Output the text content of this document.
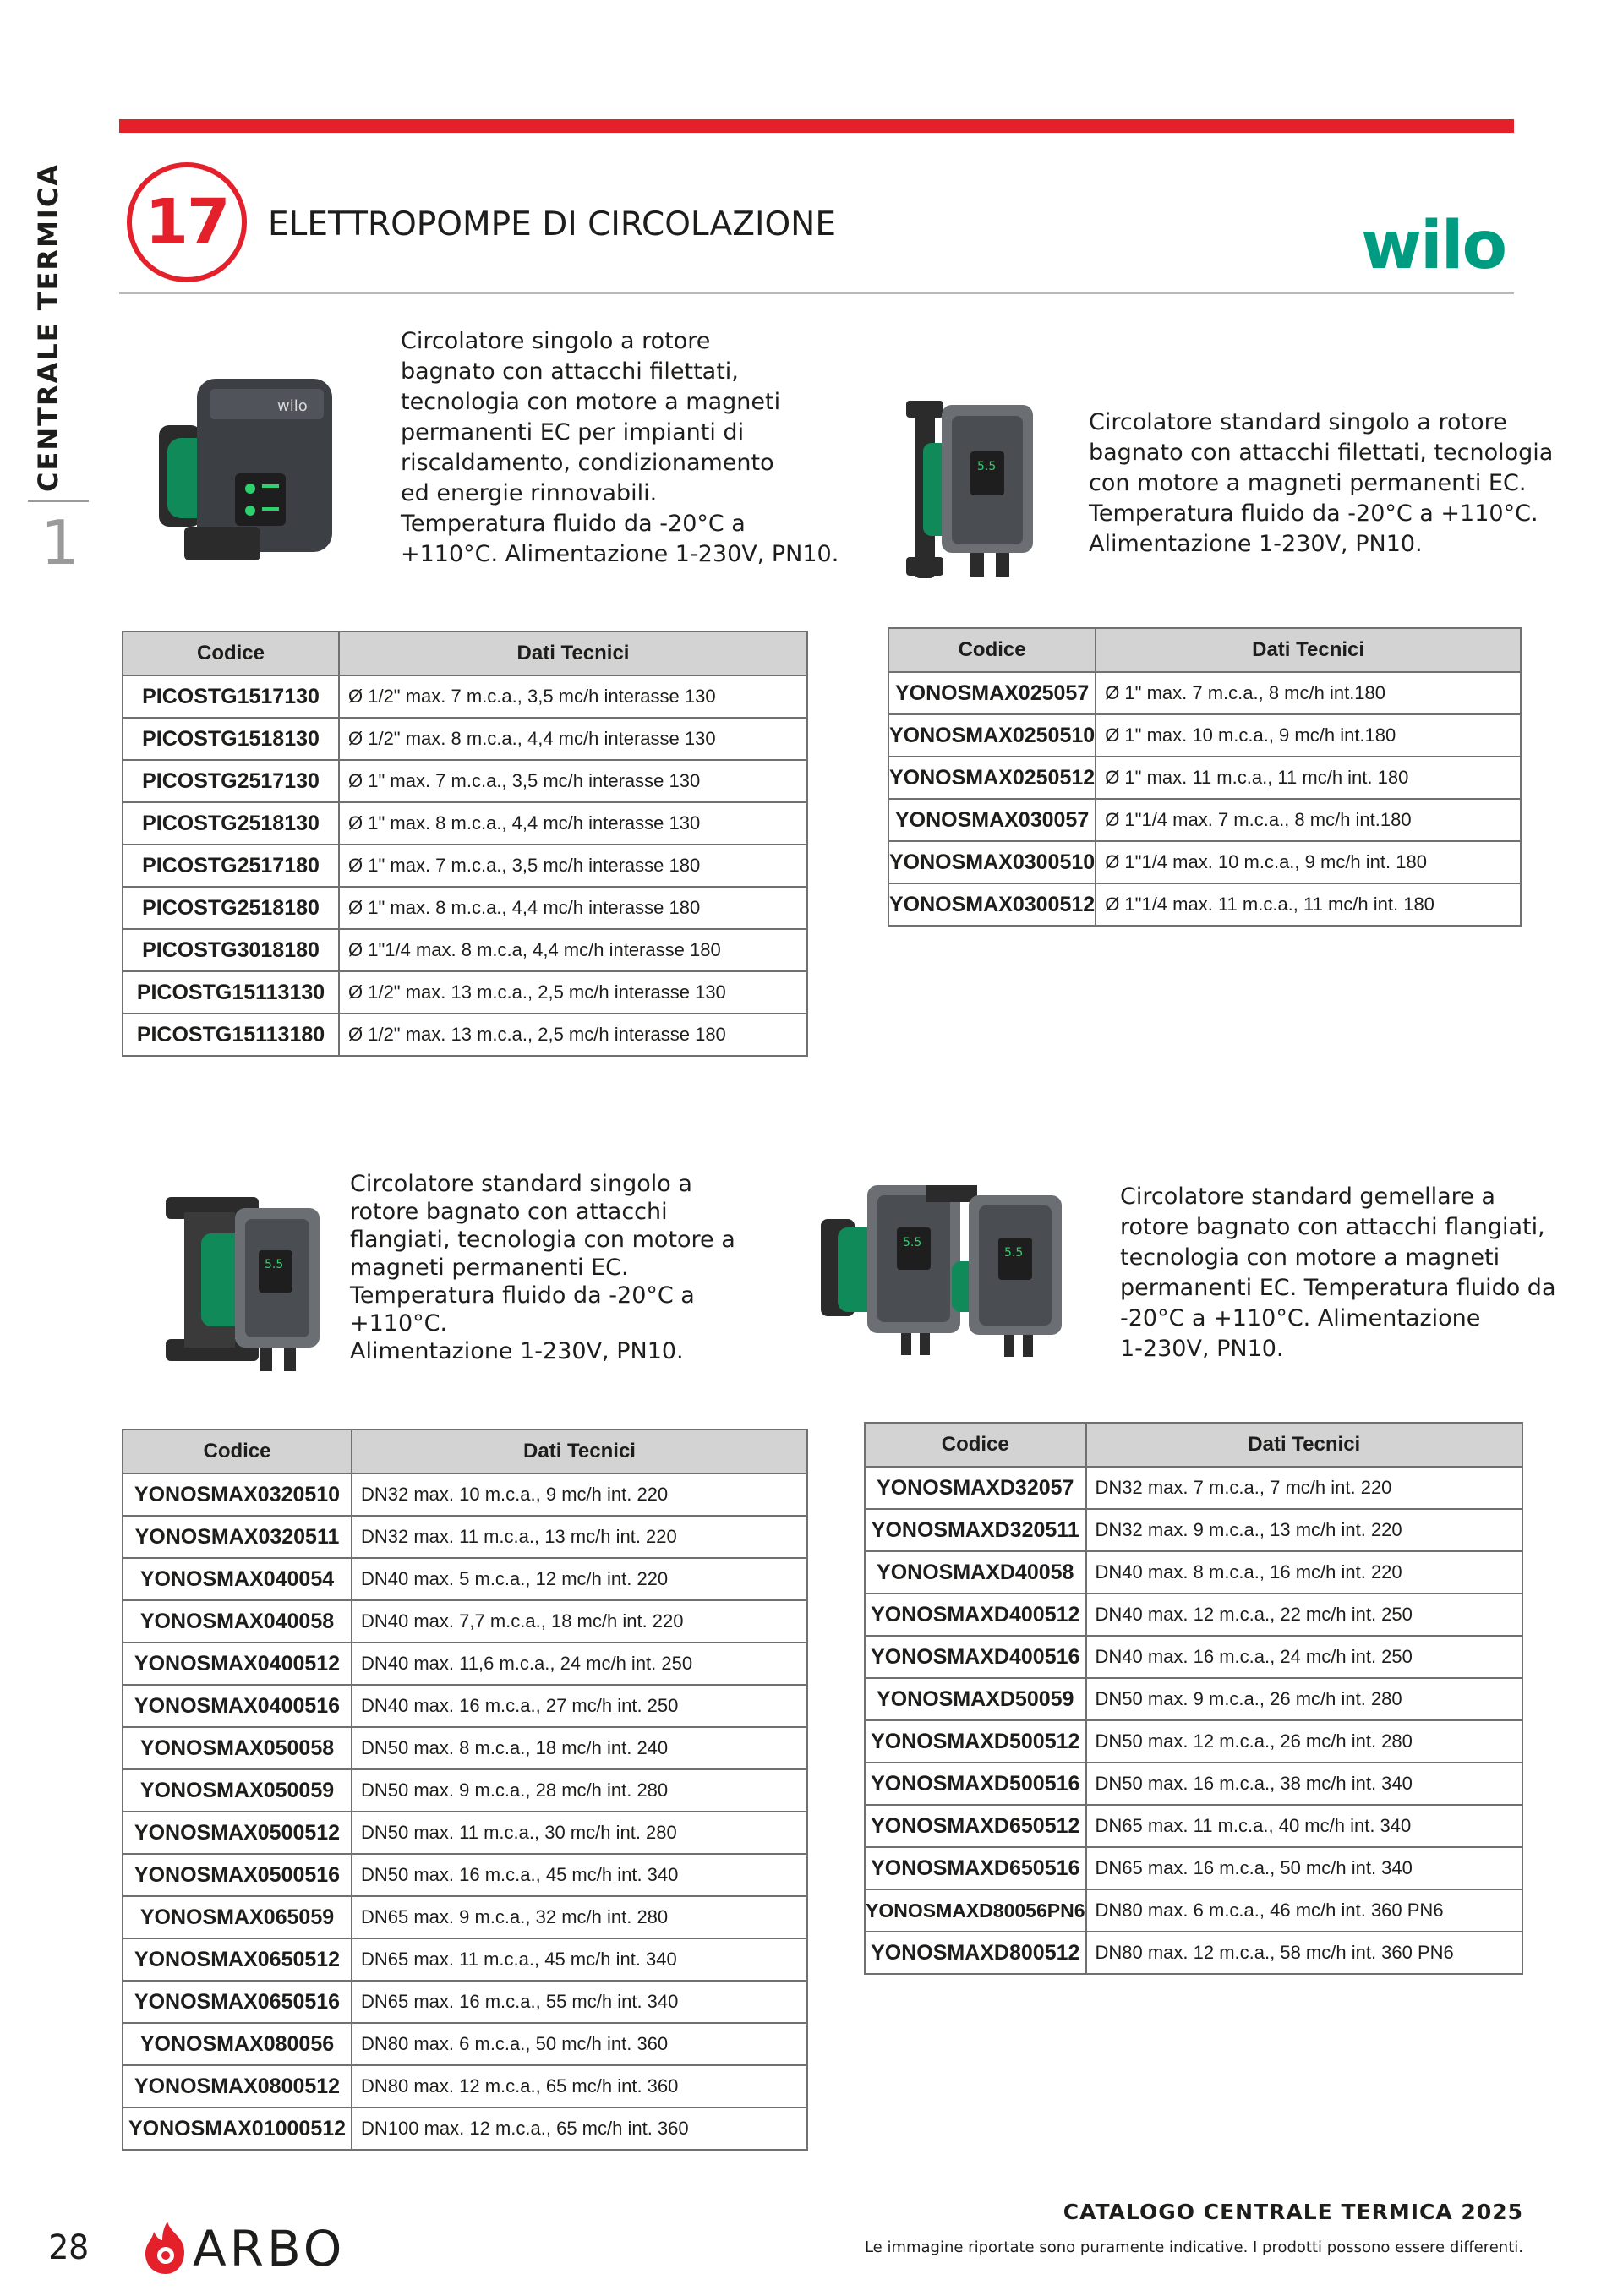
CENTRALE TERMICA
1
17	ELETTROPOMPE DI CIRCOLAZIONE	wilo
wilo
Circolatore singolo a rotore
bagnato con attacchi filettati,
tecnologia con motore a magneti
permanenti EC per impianti di
riscaldamento, condizionamento
ed energie rinnovabili.
Temperatura fluido da -20°C a
+110°C. Alimentazione 1-230V, PN10.
Codice	Dati Tecnici
PICOSTG1517130	Ø 1/2" max. 7 m.c.a., 3,5 mc/h interasse 130
PICOSTG1518130	Ø 1/2" max. 8 m.c.a., 4,4 mc/h interasse 130
PICOSTG2517130	Ø 1" max. 7 m.c.a., 3,5 mc/h interasse 130
PICOSTG2518130	Ø 1" max. 8 m.c.a., 4,4 mc/h interasse 130
PICOSTG2517180	Ø 1" max. 7 m.c.a., 3,5 mc/h interasse 180
PICOSTG2518180	Ø 1" max. 8 m.c.a., 4,4 mc/h interasse 180
PICOSTG3018180	Ø 1"1/4 max. 8 m.c.a, 4,4 mc/h interasse 180
PICOSTG15113130	Ø 1/2" max. 13 m.c.a., 2,5 mc/h interasse 130
PICOSTG15113180	Ø 1/2" max. 13 m.c.a., 2,5 mc/h interasse 180
5.5
Circolatore standard singolo a rotore
bagnato con attacchi filettati, tecnologia
con motore a magneti permanenti EC.
Temperatura fluido da -20°C a +110°C.
Alimentazione 1-230V, PN10.
Codice	Dati Tecnici
YONOSMAX025057	Ø 1" max. 7 m.c.a., 8 mc/h int.180
YONOSMAX0250510	Ø 1" max. 10 m.c.a., 9 mc/h int.180
YONOSMAX0250512	Ø 1" max. 11 m.c.a., 11 mc/h int. 180
YONOSMAX030057	Ø 1"1/4 max. 7 m.c.a., 8 mc/h int.180
YONOSMAX0300510	Ø 1"1/4 max. 10 m.c.a., 9 mc/h int. 180
YONOSMAX0300512	Ø 1"1/4 max. 11 m.c.a., 11 mc/h int. 180
5.5
Circolatore standard singolo a
rotore bagnato con attacchi
flangiati, tecnologia con motore a
magneti permanenti EC.
Temperatura fluido da -20°C a
+110°C.
Alimentazione 1-230V, PN10.
Codice	Dati Tecnici
YONOSMAX0320510	DN32 max. 10 m.c.a., 9 mc/h int. 220
YONOSMAX0320511	DN32 max. 11 m.c.a., 13 mc/h int. 220
YONOSMAX040054	DN40 max. 5 m.c.a., 12 mc/h int. 220
YONOSMAX040058	DN40 max. 7,7 m.c.a., 18 mc/h int. 220
YONOSMAX0400512	DN40 max. 11,6 m.c.a., 24 mc/h int. 250
YONOSMAX0400516	DN40 max. 16 m.c.a., 27 mc/h int. 250
YONOSMAX050058	DN50 max. 8 m.c.a., 18 mc/h int. 240
YONOSMAX050059	DN50 max. 9 m.c.a., 28 mc/h int. 280
YONOSMAX0500512	DN50 max. 11 m.c.a., 30 mc/h int. 280
YONOSMAX0500516	DN50 max. 16 m.c.a., 45 mc/h int. 340
YONOSMAX065059	DN65 max. 9 m.c.a., 32 mc/h int. 280
YONOSMAX0650512	DN65 max. 11 m.c.a., 45 mc/h int. 340
YONOSMAX0650516	DN65 max. 16 m.c.a., 55 mc/h int. 340
YONOSMAX080056	DN80 max. 6 m.c.a., 50 mc/h int. 360
YONOSMAX0800512	DN80 max. 12 m.c.a., 65 mc/h int. 360
YONOSMAX01000512	DN100 max. 12 m.c.a., 65 mc/h int. 360
5.5
5.5
Circolatore standard gemellare a
rotore bagnato con attacchi flangiati,
tecnologia con motore a magneti
permanenti EC. Temperatura fluido da
-20°C a +110°C. Alimentazione
1-230V, PN10.
Codice	Dati Tecnici
YONOSMAXD32057	DN32 max. 7 m.c.a., 7 mc/h int. 220
YONOSMAXD320511	DN32 max. 9 m.c.a., 13 mc/h int. 220
YONOSMAXD40058	DN40 max. 8 m.c.a., 16 mc/h int. 220
YONOSMAXD400512	DN40 max. 12 m.c.a., 22 mc/h int. 250
YONOSMAXD400516	DN40 max. 16 m.c.a., 24 mc/h int. 250
YONOSMAXD50059	DN50 max. 9 m.c.a., 26 mc/h int. 280
YONOSMAXD500512	DN50 max. 12 m.c.a., 26 mc/h int. 280
YONOSMAXD500516	DN50 max. 16 m.c.a., 38 mc/h int. 340
YONOSMAXD650512	DN65 max. 11 m.c.a., 40 mc/h int. 340
YONOSMAXD650516	DN65 max. 16 m.c.a., 50 mc/h int. 340
YONOSMAXD80056PN6	DN80 max. 6 m.c.a., 46 mc/h int. 360 PN6
YONOSMAXD800512	DN80 max. 12 m.c.a., 58 mc/h int. 360 PN6
28 ARBO
CATALOGO CENTRALE TERMICA 2025
Le immagine riportate sono puramente indicative. I prodotti possono essere differenti.
